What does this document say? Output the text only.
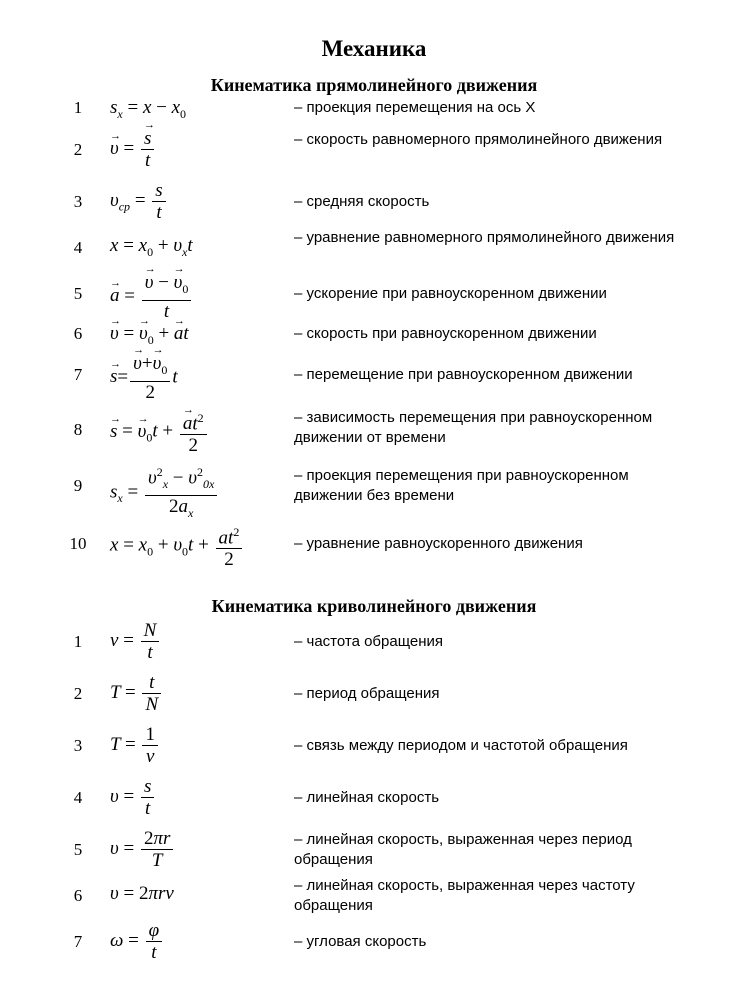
Механика
Кинематика прямолинейного движения
1	$s_x = x - x_0$	– проекция перемещения на ось X
2
→	υ =
→ $\frac{s}{t}$	– скорость равномерного прямолинейного движения
3	$\upsilon_{ср} = \frac{s}{t}$	– средняя скорость
4	$x = x_0 + \upsilon_xt$	– уравнение равномерного прямолинейного движения
5
→	a =
→ $\frac{\upsilon - \to \upsilon_0}{t}$	– ускорение при равноускоренном движении
6
→	υ = → $\upsilon_0$ + → at	– скорость при равноускоренном движении
7
→	s=
→ $\frac{\upsilon+\to \upsilon_0}{2}$ t	– перемещение при равноускоренном движении
8
→	s = → $\upsilon_0t$ +
→ $\frac{at^2}{2}$	– зависимость перемещения при равноускоренном движении от времени
9	$s_x = \frac{\upsilon^2_x - \upsilon^2_{0x}}{2a_x}$	– проекция перемещения при равноускоренном движении без времени
10	$x = x_0 + \upsilon_0t + \frac{at^2}{2}$	– уравнение равноускоренного движения
Кинематика криволинейного движения
1	$\nu = \frac{N}{t}$	– частота обращения
2	$T = \frac{t}{N}$	– период обращения
3	$T = \frac{1}{\nu}$	– связь между периодом и частотой обращения
4	$\upsilon = \frac{s}{t}$	– линейная скорость
5	$\upsilon = \frac{2\pi r}{T}$	– линейная скорость, выраженная через период обращения
6	υ = 2πrν	– линейная скорость, выраженная через частоту обращения
7	$\omega = \frac{\varphi}{t}$	– угловая скорость
